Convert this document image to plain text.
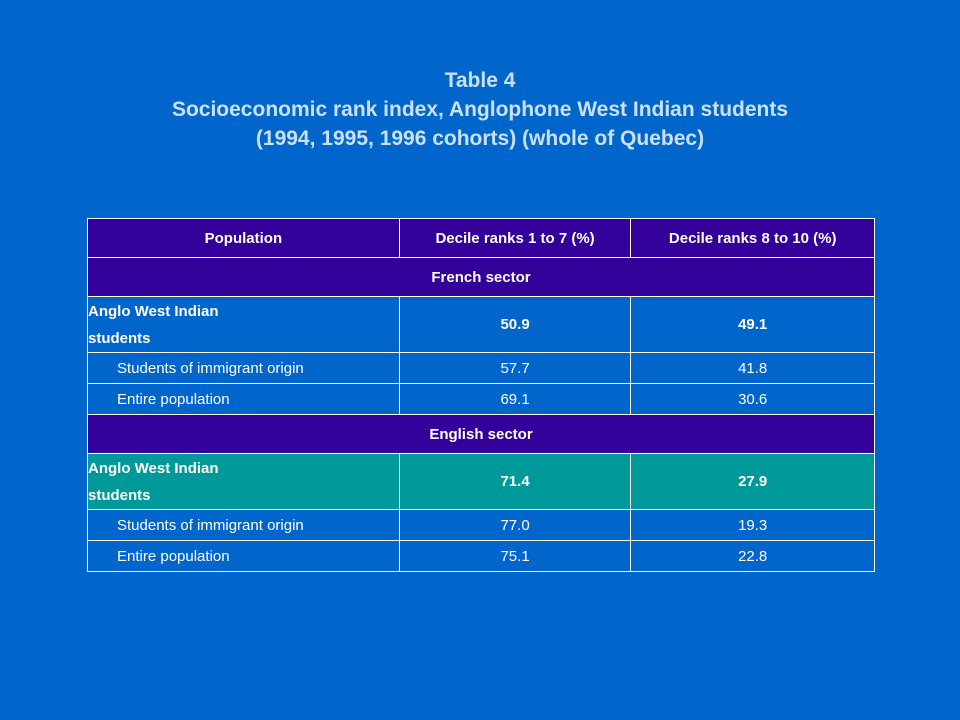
Table 4
Socioeconomic rank index, Anglophone West Indian students
(1994, 1995, 1996 cohorts) (whole of Quebec)
Population	Decile ranks 1 to 7 (%)	Decile ranks 8 to 10 (%)
French sector		

Anglo West Indian
students	50.9	49.1
Students of immigrant origin	57.7	41.8
Entire population	69.1	30.6
English sector		

Anglo West Indian
students	71.4	27.9
Students of immigrant origin	77.0	19.3
Entire population	75.1	22.8
